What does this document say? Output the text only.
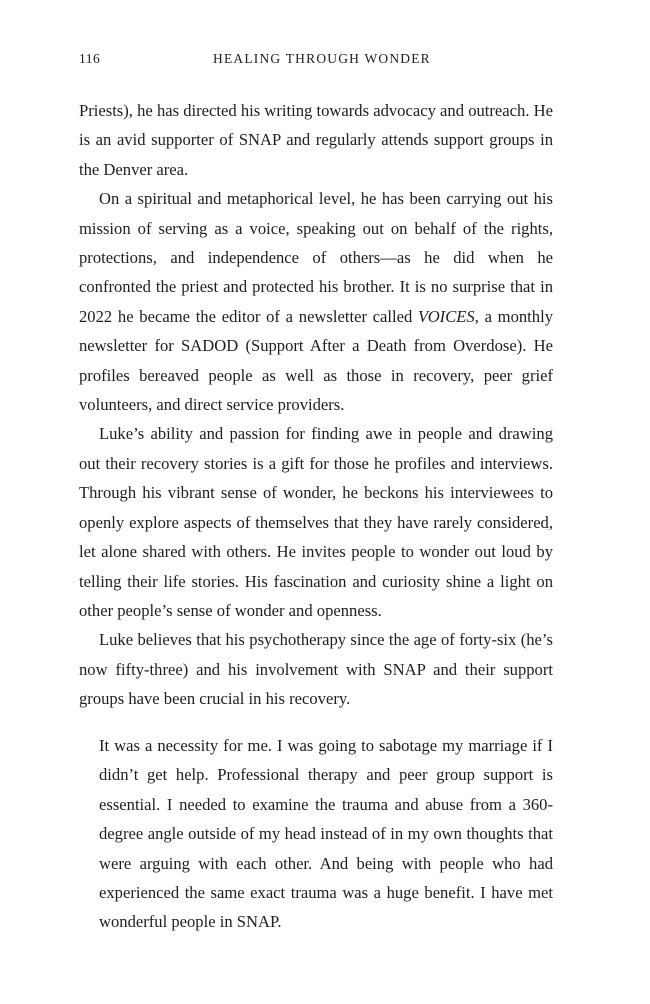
116	HEALING THROUGH WONDER

Priests), he has directed his writing towards advocacy and outreach. He is an avid supporter of SNAP and regularly attends support groups in the Denver area.

On a spiritual and metaphorical level, he has been carrying out his mission of serving as a voice, speaking out on behalf of the rights, protections, and independence of others—as he did when he confronted the priest and protected his brother. It is no surprise that in 2022 he became the editor of a newsletter called VOICES, a monthly newsletter for SADOD (Support After a Death from Overdose). He profiles bereaved people as well as those in recovery, peer grief volunteers, and direct service providers.

Luke’s ability and passion for finding awe in people and drawing out their recovery stories is a gift for those he profiles and interviews. Through his vibrant sense of wonder, he beckons his interviewees to openly explore aspects of themselves that they have rarely considered, let alone shared with others. He invites people to wonder out loud by telling their life stories. His fascination and curiosity shine a light on other people’s sense of wonder and openness.

Luke believes that his psychotherapy since the age of forty-six (he’s now fifty-three) and his involvement with SNAP and their support groups have been crucial in his recovery.

It was a necessity for me. I was going to sabotage my marriage if I didn’t get help. Professional therapy and peer group support is essential. I needed to examine the trauma and abuse from a 360-degree angle outside of my head instead of in my own thoughts that were arguing with each other. And being with people who had experienced the same exact trauma was a huge benefit. I have met wonderful people in SNAP.
